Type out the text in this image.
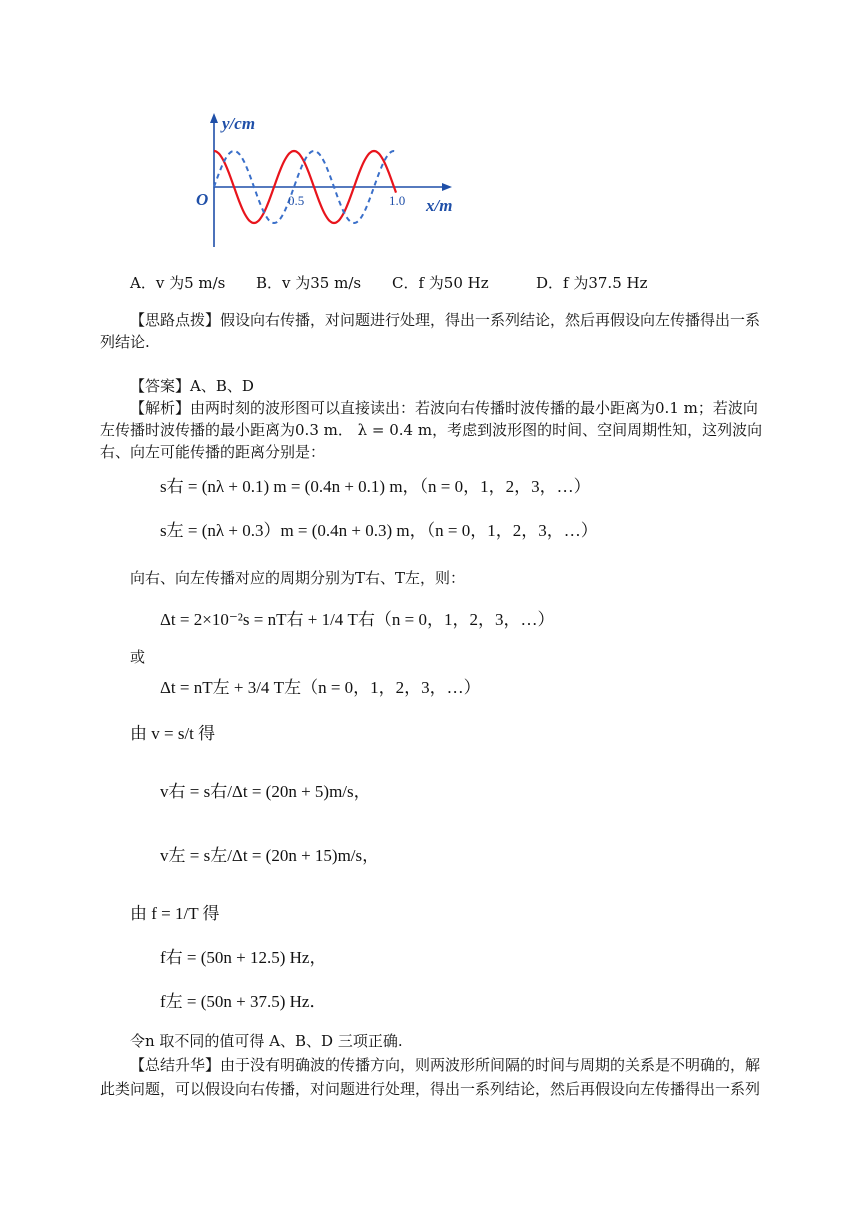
y/cm
x/m
O	0.5	1.0
A．v 为5 m/s B．v 为35 m/s C．f 为50 Hz	D．f 为37.5 Hz
【思路点拨】假设向右传播，对问题进行处理，得出一系列结论，然后再假设向左传播得出一系
列结论.
【答案】A、B、D
【解析】由两时刻的波形图可以直接读出：若波向右传播时波传播的最小距离为0.1 m；若波向
左传播时波传播的最小距离为0.3 m． λ = 0.4 m，考虑到波形图的时间、空间周期性知，这列波向
右、向左可能传播的距离分别是：
s右 = (nλ + 0.1) m = (0.4n + 0.1) m，（n = 0，1，2，3，…）
s左 = (nλ + 0.3）m = (0.4n + 0.3) m，（n = 0，1，2，3，…）
向右、向左传播对应的周期分别为T右、T左，则：
Δt = 2×10⁻²s = nT右 + 1/4 T右（n = 0，1，2，3，…）
或
Δt = nT左 + 3/4 T左（n = 0，1，2，3，…）
由 v = s/t 得
v右 = s右/Δt = (20n + 5)m/s，
v左 = s左/Δt = (20n + 15)m/s，
由 f = 1/T 得
f右 = (50n + 12.5) Hz，
f左 = (50n + 37.5) Hz．
令n 取不同的值可得 A、B、D 三项正确.
【总结升华】由于没有明确波的传播方向，则两波形所间隔的时间与周期的关系是不明确的，解
此类问题，可以假设向右传播，对问题进行处理，得出一系列结论，然后再假设向左传播得出一系列
